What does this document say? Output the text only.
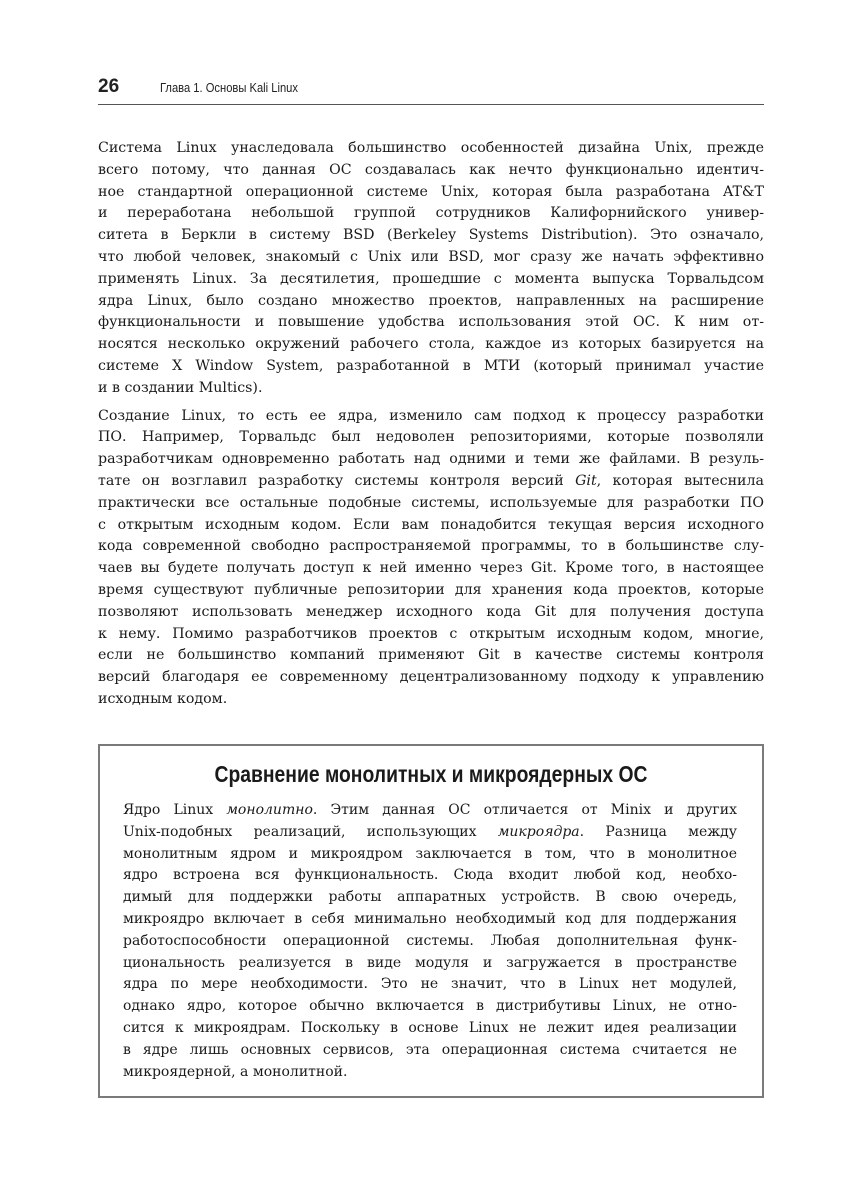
26	Глава 1. Основы Kali Linux
Система Linux унаследовала большинство особенностей дизайна Unix, прежде
всего потому, что данная ОС создавалась как нечто функционально идентич-
ное стандартной операционной системе Unix, которая была разработана AT&T
и переработана небольшой группой сотрудников Калифорнийского универ-
ситета в Беркли в систему BSD (Berkeley Systems Distribution). Это означало,
что любой человек, знакомый с Unix или BSD, мог сразу же начать эффективно
применять Linux. За десятилетия, прошедшие с момента выпуска Торвальдсом
ядра Linux, было создано множество проектов, направленных на расширение
функциональности и повышение удобства использования этой ОС. К ним от-
носятся несколько окружений рабочего стола, каждое из которых базируется на
системе X Window System, разработанной в МТИ (который принимал участие
и в создании Multics).
Создание Linux, то есть ее ядра, изменило сам подход к процессу разработки
ПО. Например, Торвальдс был недоволен репозиториями, которые позволяли
разработчикам одновременно работать над одними и теми же файлами. В резуль-
тате он возглавил разработку системы контроля версий Git, которая вытеснила
практически все остальные подобные системы, используемые для разработки ПО
с открытым исходным кодом. Если вам понадобится текущая версия исходного
кода современной свободно распространяемой программы, то в большинстве слу-
чаев вы будете получать доступ к ней именно через Git. Кроме того, в настоящее
время существуют публичные репозитории для хранения кода проектов, которые
позволяют использовать менеджер исходного кода Git для получения доступа
к нему. Помимо разработчиков проектов с открытым исходным кодом, многие,
если не большинство компаний применяют Git в качестве системы контроля
версий благодаря ее современному децентрализованному подходу к управлению
исходным кодом.
Сравнение монолитных и микроядерных ОС
Ядро Linux монолитно. Этим данная ОС отличается от Minix и других
Unix-подобных реализаций, использующих микроядра. Разница между
монолитным ядром и микроядром заключается в том, что в монолитное
ядро встроена вся функциональность. Сюда входит любой код, необхо-
димый для поддержки работы аппаратных устройств. В свою очередь,
микроядро включает в себя минимально необходимый код для поддержания
работоспособности операционной системы. Любая дополнительная функ-
циональность реализуется в виде модуля и загружается в пространстве
ядра по мере необходимости. Это не значит, что в Linux нет модулей,
однако ядро, которое обычно включается в дистрибутивы Linux, не отно-
сится к микроядрам. Поскольку в основе Linux не лежит идея реализации
в ядре лишь основных сервисов, эта операционная система считается не
микроядерной, а монолитной.
